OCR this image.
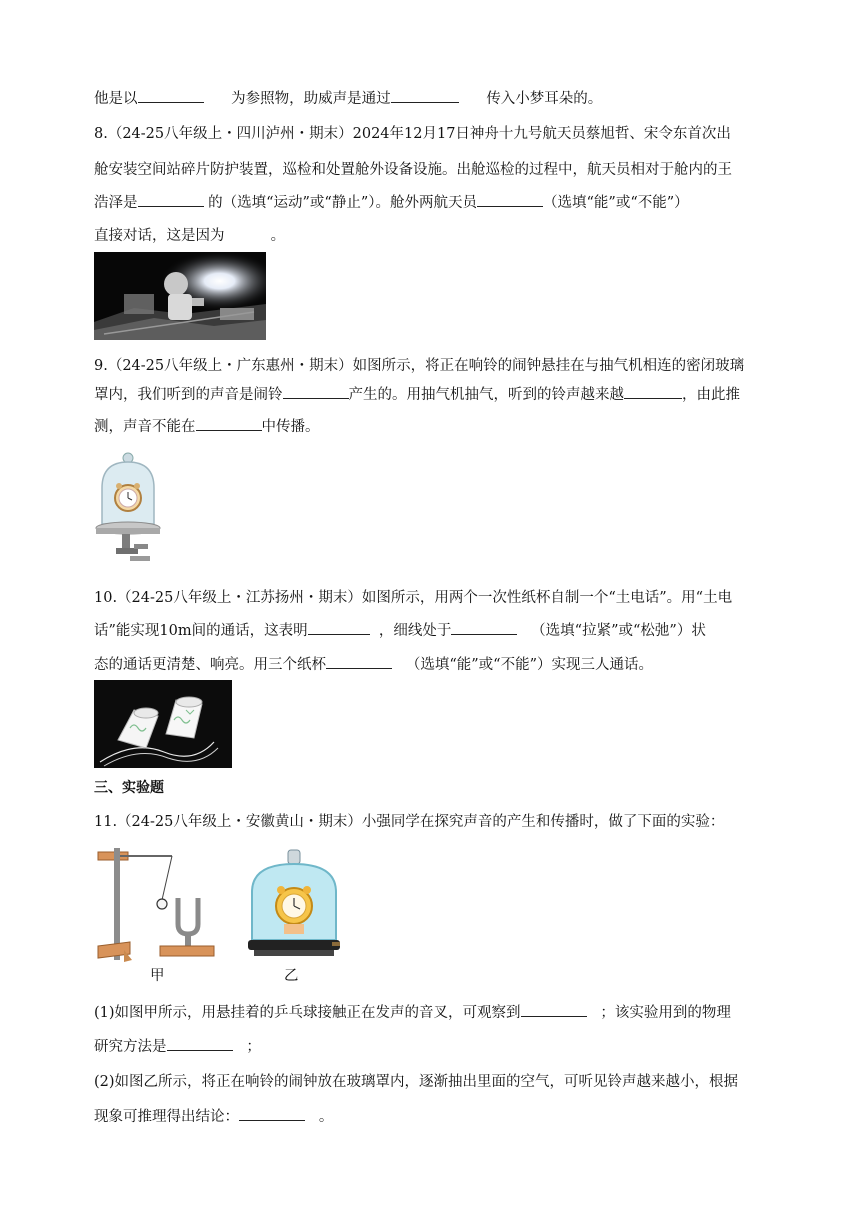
他是以	为参照物，助威声是通过	传入小梦耳朵的。
8.（24-25八年级上・四川泸州・期末）2024年12月17日神舟十九号航天员蔡旭哲、宋令东首次出
舱安装空间站碎片防护装置，巡检和处置舱外设备设施。出舱巡检的过程中，航天员相对于舱内的王
浩泽是	的（选填“运动”或“静止”）。舱外两航天员	（选填“能”或“不能”）
直接对话，这是因为	。
9.（24-25八年级上・广东惠州・期末）如图所示，将正在响铃的闹钟悬挂在与抽气机相连的密闭玻璃
罩内，我们听到的声音是闹铃	产生的。用抽气机抽气，听到的铃声越来越	，由此推
测，声音不能在	中传播。
10.（24-25八年级上・江苏扬州・期末）如图所示，用两个一次性纸杯自制一个“土电话”。用“土电
话”能实现10m间的通话，这表明	，细线处于	（选填“拉紧”或“松弛”）状
态的通话更清楚、响亮。用三个纸杯	（选填“能”或“不能”）实现三人通话。
三、实验题
11.（24-25八年级上・安徽黄山・期末）小强同学在探究声音的产生和传播时，做了下面的实验：
甲	乙
(1)如图甲所示，用悬挂着的乒乓球接触正在发声的音叉，可观察到	；该实验用到的物理
研究方法是	；
(2)如图乙所示，将正在响铃的闹钟放在玻璃罩内，逐渐抽出里面的空气，可听见铃声越来越小，根据
现象可推理得出结论：	。
